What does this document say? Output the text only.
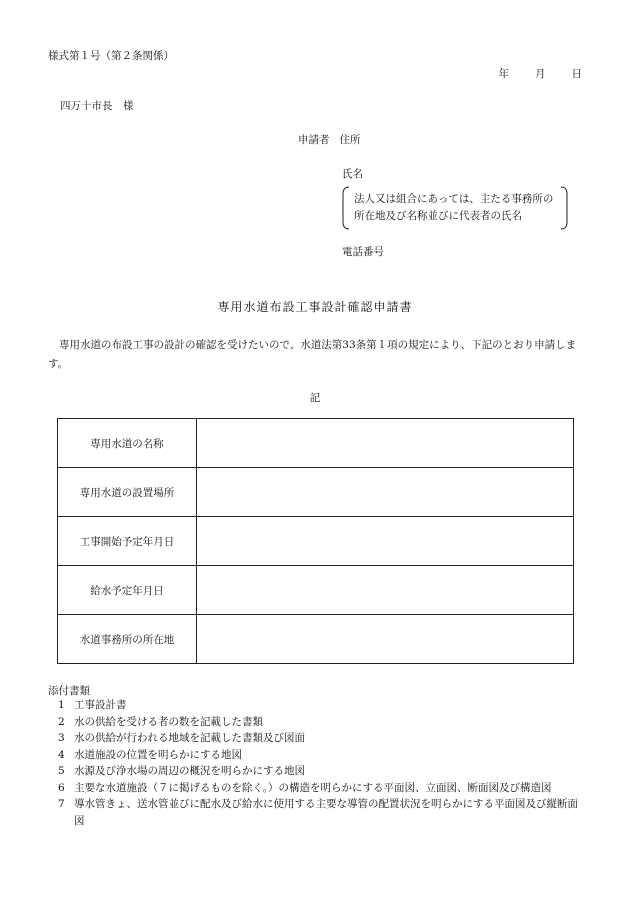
様式第１号（第２条関係）
年 月 日
四万十市長　様
申請者 住所
氏名
法人又は組合にあっては、主たる事務所の
所在地及び名称並びに代表者の氏名
電話番号
専用水道布設工事設計確認申請書
専用水道の布設工事の設計の確認を受けたいので、水道法第33条第１項の規定により、下記のとおり申請します。
記
専用水道の名称	
専用水道の設置場所	
工事開始予定年月日	
給水予定年月日	
水道事務所の所在地	
添付書類
1 工事設計書
2 水の供給を受ける者の数を記載した書類
3 水の供給が行われる地域を記載した書類及び図面
4 水道施設の位置を明らかにする地図
5 水源及び浄水場の周辺の概況を明らかにする地図
6 主要な水道施設（７に掲げるものを除く。）の構造を明らかにする平面図、立面図、断面図及び構造図
7 導水管きょ、送水管並びに配水及び給水に使用する主要な導管の配置状況を明らかにする平面図及び縦断面図
